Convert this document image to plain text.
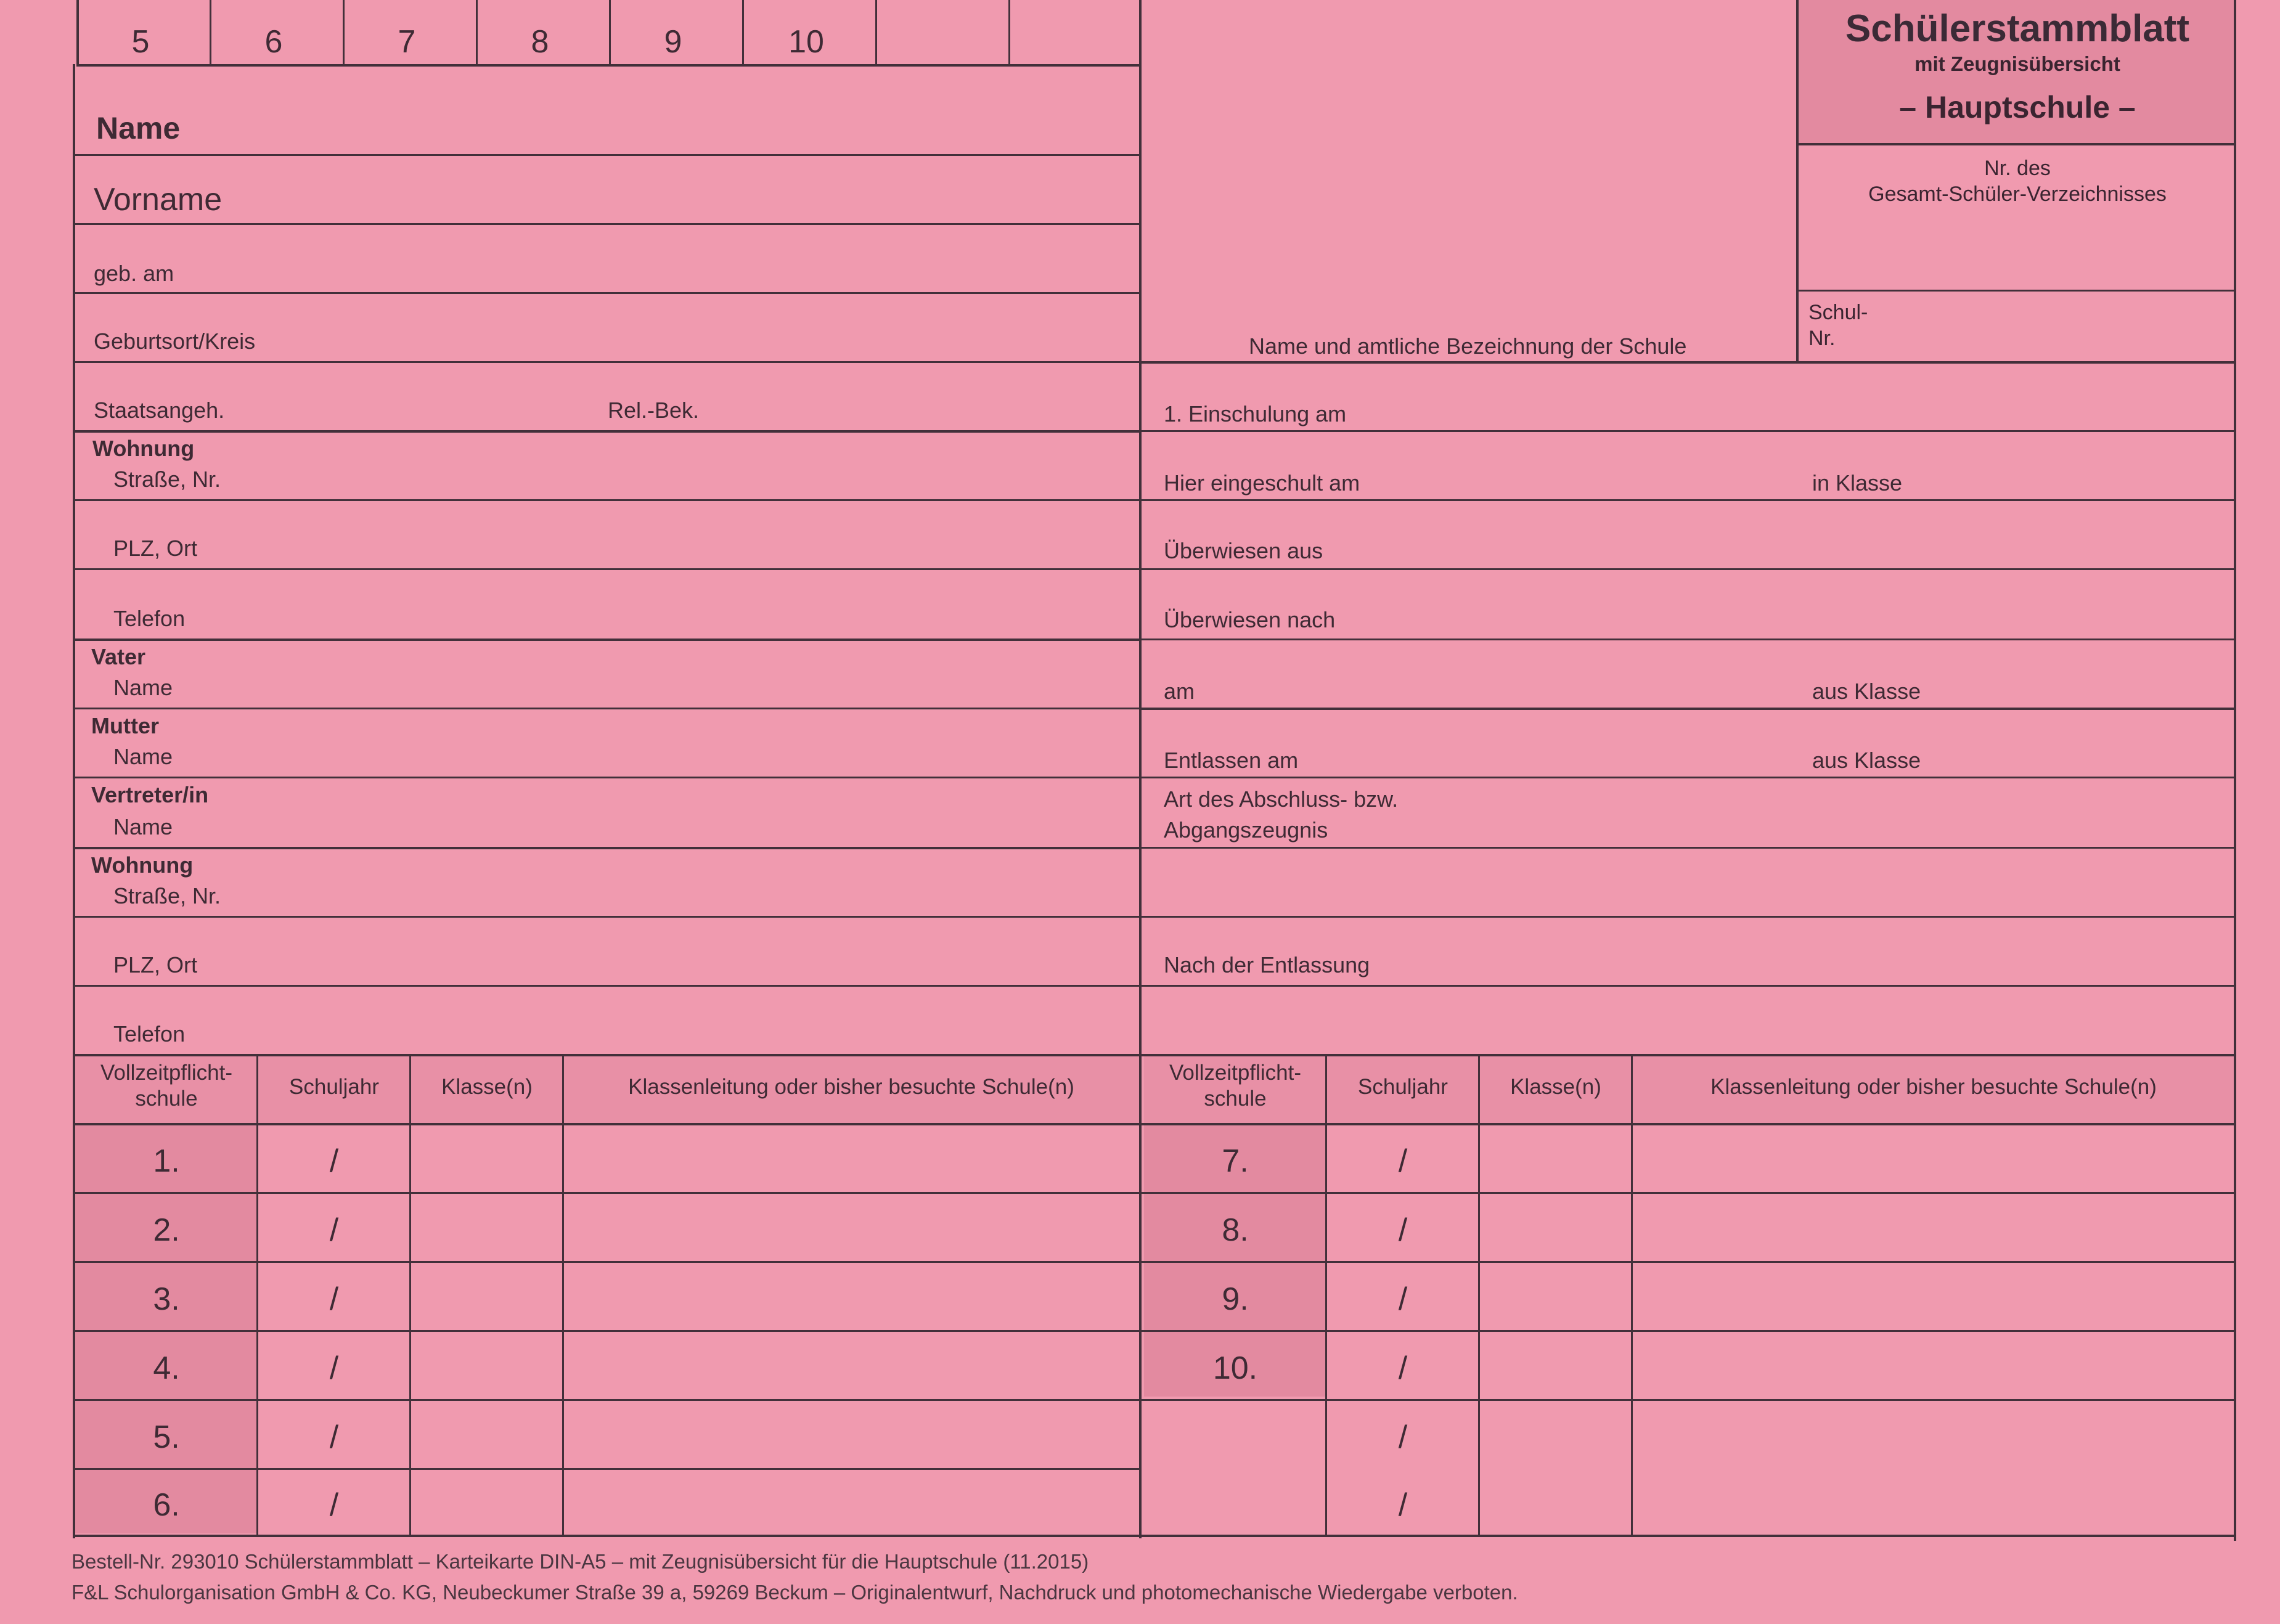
5	6	7	8	9	10	Schülerstammblatt
mit Zeugnisübersicht
– Hauptschule –
Nr. des
Gesamt-Schüler-Verzeichnisses
Schul-
Nr.
Name und amtliche Bezeichnung der Schule
Name
Vorname
geb. am
Geburtsort/Kreis
Staatsangeh.	Rel.-Bek.
Wohnung
Straße, Nr.
PLZ, Ort
Telefon
Vater
Name
Mutter
Name
Vertreter/in
Name
Wohnung
Straße, Nr.
PLZ, Ort
Telefon
1. Einschulung am
Hier eingeschult am	in Klasse
Überwiesen aus
Überwiesen nach
am	aus Klasse
Entlassen am	aus Klasse
Art des Abschluss- bzw.
Abgangszeugnis
Nach der Entlassung
Vollzeitpflicht-
schule	Schuljahr	Klasse(n)	Klassenleitung oder bisher besuchte Schule(n)
Vollzeitpflicht-
schule	Schuljahr	Klasse(n)	Klassenleitung oder bisher besuchte Schule(n)
1.	/
2.	/
3.	/
4.	/
5.	/
6.	/
7.	/
8.	/
9.	/
10.	/
/
/
Bestell-Nr. 293010 Schülerstammblatt – Karteikarte DIN-A5 – mit Zeugnisübersicht für die Hauptschule (11.2015)
F&L Schulorganisation GmbH & Co. KG, Neubeckumer Straße 39 a, 59269 Beckum – Originalentwurf, Nachdruck und photomechanische Wiedergabe verboten.
